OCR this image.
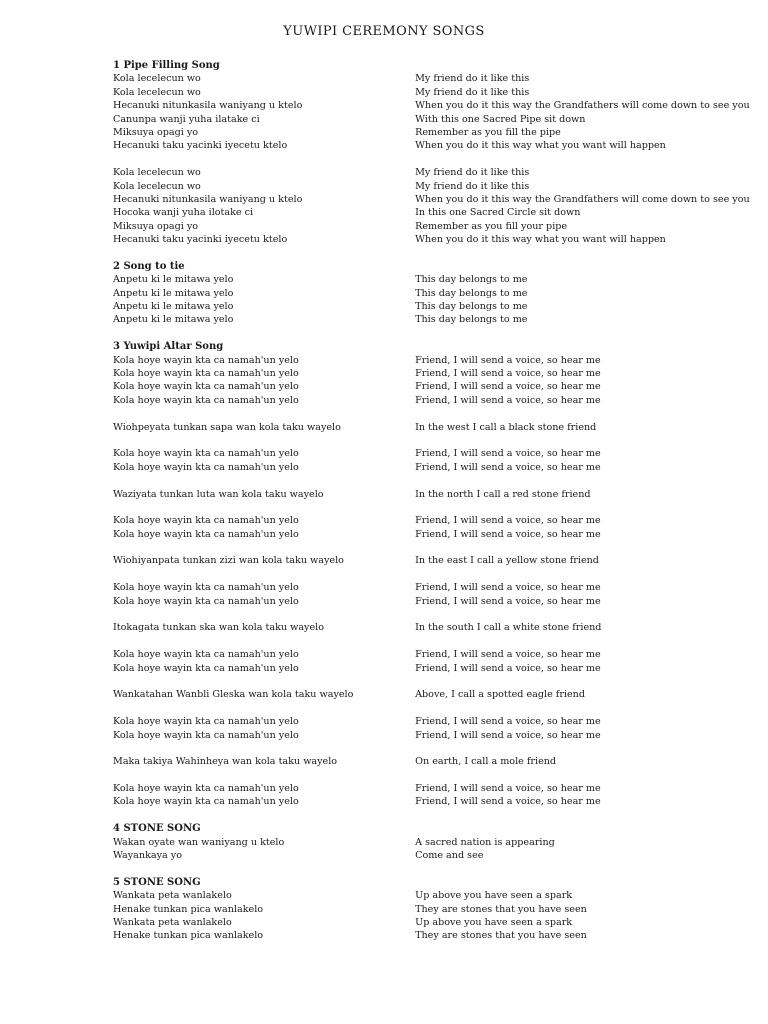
YUWIPI CEREMONY SONGS
1 Pipe Filling Song
Kola lecelecun wo	My friend do it like this
Kola lecelecun wo	My friend do it like this
Hecanuki nitunkasila waniyang u ktelo	When you do it this way the Grandfathers will come down to see you
Canunpa wanji yuha ilatake ci	With this one Sacred Pipe sit down
Miksuya opagi yo	Remember as you fill the pipe
Hecanuki taku yacinki iyecetu ktelo	When you do it this way what you want will happen
Kola lecelecun wo	My friend do it like this
Kola lecelecun wo	My friend do it like this
Hecanuki nitunkasila waniyang u ktelo	When you do it this way the Grandfathers will come down to see you
Hocoka wanji yuha ilotake ci	In this one Sacred Circle sit down
Miksuya opagi yo	Remember as you fill your pipe
Hecanuki taku yacinki iyecetu ktelo	When you do it this way what you want will happen
2 Song to tie
Anpetu ki le mitawa yelo	This day belongs to me
Anpetu ki le mitawa yelo	This day belongs to me
Anpetu ki le mitawa yelo	This day belongs to me
Anpetu ki le mitawa yelo	This day belongs to me
3 Yuwipi Altar Song
Kola hoye wayin kta ca namah'un yelo	Friend, I will send a voice, so hear me
Kola hoye wayin kta ca namah'un yelo	Friend, I will send a voice, so hear me
Kola hoye wayin kta ca namah'un yelo	Friend, I will send a voice, so hear me
Kola hoye wayin kta ca namah'un yelo	Friend, I will send a voice, so hear me
Wiohpeyata tunkan sapa wan kola taku wayelo	In the west I call a black stone friend
Kola hoye wayin kta ca namah'un yelo	Friend, I will send a voice, so hear me
Kola hoye wayin kta ca namah'un yelo	Friend, I will send a voice, so hear me
Waziyata tunkan luta wan kola taku wayelo	In the north I call a red stone friend
Kola hoye wayin kta ca namah'un yelo	Friend, I will send a voice, so hear me
Kola hoye wayin kta ca namah'un yelo	Friend, I will send a voice, so hear me
Wiohiyanpata tunkan zizi wan kola taku wayelo	In the east I call a yellow stone friend
Kola hoye wayin kta ca namah'un yelo	Friend, I will send a voice, so hear me
Kola hoye wayin kta ca namah'un yelo	Friend, I will send a voice, so hear me
Itokagata tunkan ska wan kola taku wayelo	In the south I call a white stone friend
Kola hoye wayin kta ca namah'un yelo	Friend, I will send a voice, so hear me
Kola hoye wayin kta ca namah'un yelo	Friend, I will send a voice, so hear me
Wankatahan Wanbli Gleska wan kola taku wayelo	Above, I call a spotted eagle friend
Kola hoye wayin kta ca namah'un yelo	Friend, I will send a voice, so hear me
Kola hoye wayin kta ca namah'un yelo	Friend, I will send a voice, so hear me
Maka takiya Wahinheya wan kola taku wayelo	On earth, I call a mole friend
Kola hoye wayin kta ca namah'un yelo	Friend, I will send a voice, so hear me
Kola hoye wayin kta ca namah'un yelo	Friend, I will send a voice, so hear me
4 STONE SONG
Wakan oyate wan waniyang u ktelo	A sacred nation is appearing
Wayankaya yo	Come and see
5 STONE SONG
Wankata peta wanlakelo	Up above you have seen a spark
Henake tunkan pica wanlakelo	They are stones that you have seen
Wankata peta wanlakelo	Up above you have seen a spark
Henake tunkan pica wanlakelo	They are stones that you have seen
